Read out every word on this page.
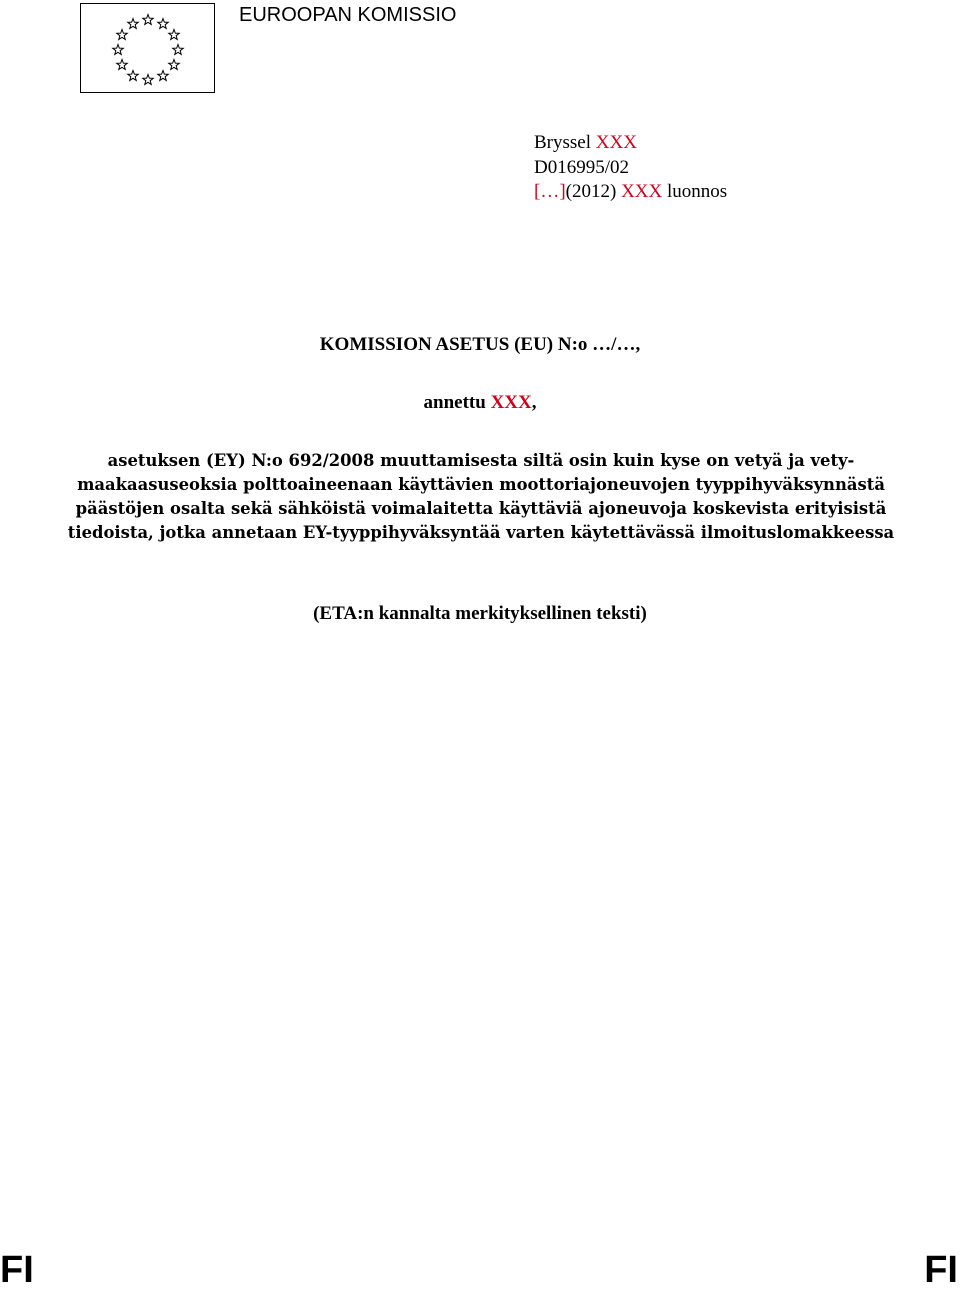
EUROOPAN KOMISSIO
Bryssel XXX
D016995/02
[…](2012) XXX luonnos
KOMISSION ASETUS (EU) N:o …/…,
annettu XXX,
asetuksen (EY) N:o 692/2008 muuttamisesta siltä osin kuin kyse on vetyä ja vety-maakaasuseoksia polttoaineenaan käyttävien moottoriajoneuvojen tyyppihyväksynnästä päästöjen osalta sekä sähköistä voimalaitetta käyttäviä ajoneuvoja koskevista erityisistä tiedoista, jotka annetaan EY-tyyppihyväksyntää varten käytettävässä ilmoituslomakkeessa
(ETA:n kannalta merkityksellinen teksti)
FI	FI
